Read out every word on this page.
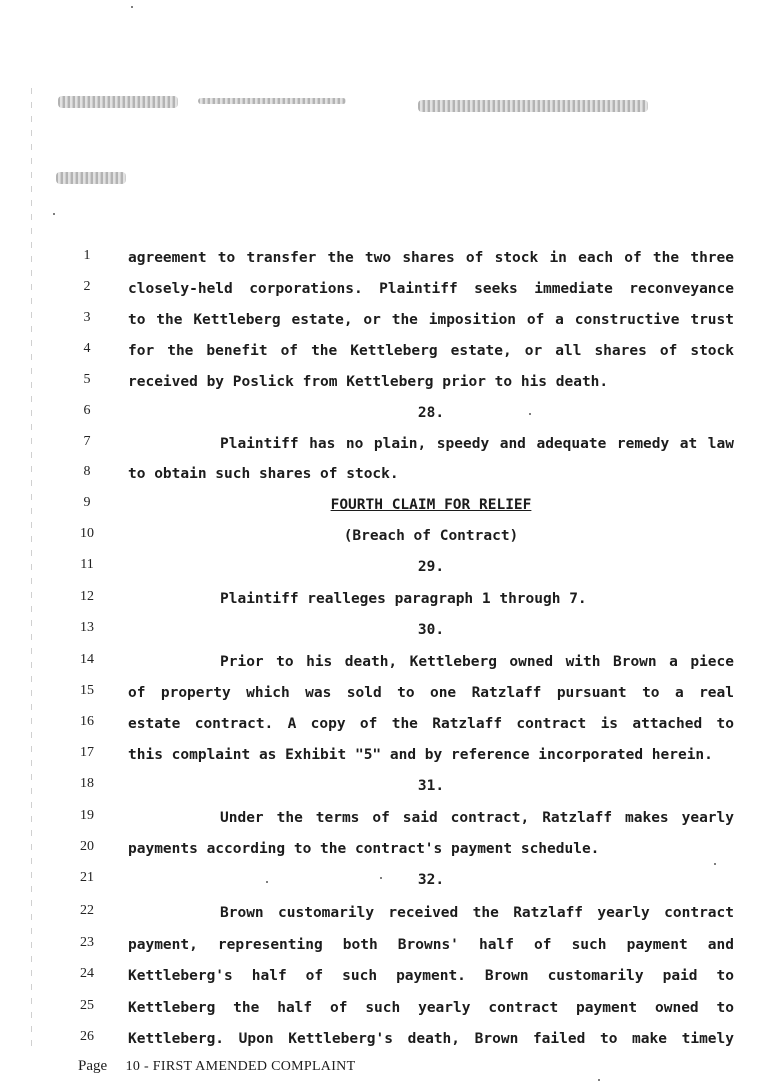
1
2
3
4
5
6
7
8
9
10
11
12
13
14
15
16
17
18
19
20
21
22
23
24
25
26
agreement to transfer the two shares of stock in each of the three
closely-held corporations. Plaintiff seeks immediate reconveyance
to the Kettleberg estate, or the imposition of a constructive trust
for the benefit of the Kettleberg estate, or all shares of stock
received by Poslick from Kettleberg prior to his death.
28.
Plaintiff has no plain, speedy and adequate remedy at law
to obtain such shares of stock.
FOURTH CLAIM FOR RELIEF
(Breach of Contract)
29.
Plaintiff realleges paragraph 1 through 7.
30.
Prior to his death, Kettleberg owned with Brown a piece
of property which was sold to one Ratzlaff pursuant to a real
estate contract. A copy of the Ratzlaff contract is attached to
this complaint as Exhibit "5" and by reference incorporated herein.
31.
Under the terms of said contract, Ratzlaff makes yearly
payments according to the contract's payment schedule.
32.
Brown customarily received the Ratzlaff yearly contract
payment, representing both Browns' half of such payment and
Kettleberg's half of such payment. Brown customarily paid to
Kettleberg the half of such yearly contract payment owned to
Kettleberg. Upon Kettleberg's death, Brown failed to make timely
Page 10 - FIRST AMENDED COMPLAINT
